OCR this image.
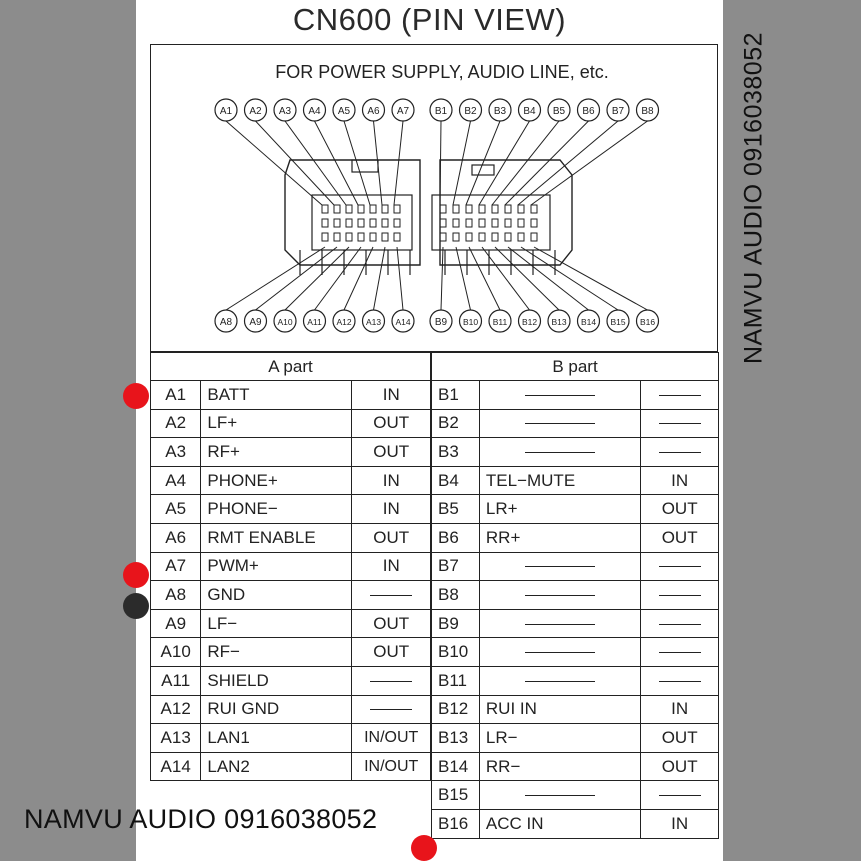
CN600 (PIN VIEW)
FOR POWER SUPPLY, AUDIO LINE, etc.
A1 A2 A3 A4 A5 A6 A7	B1 B2 B3 B4 B5 B6 B7 B8
A8 A9 A10 A11 A12 A13 A14 B9 B10 B11 B12 B13 B14 B15 B16
A part		
A1	BATT	IN
A2	LF+	OUT
A3	RF+	OUT
A4	PHONE+	IN
A5	PHONE−	IN
A6	RMT ENABLE	OUT
A7	PWM+	IN
A8	GND	
A9	LF−	OUT
A10	RF−	OUT
A11	SHIELD	
A12	RUI GND	
A13	LAN1	IN/OUT
A14	LAN2	IN/OUT
B part		
B1		
B2		
B3		
B4	TEL−MUTE	IN
B5	LR+	OUT
B6	RR+	OUT
B7		
B8		
B9		
B10		
B11		
B12	RUI IN	IN
B13	LR−	OUT
B14	RR−	OUT
B15		
B16	ACC IN	IN
NAMVU AUDIO 0916038052
NAMVU AUDIO 0916038052
